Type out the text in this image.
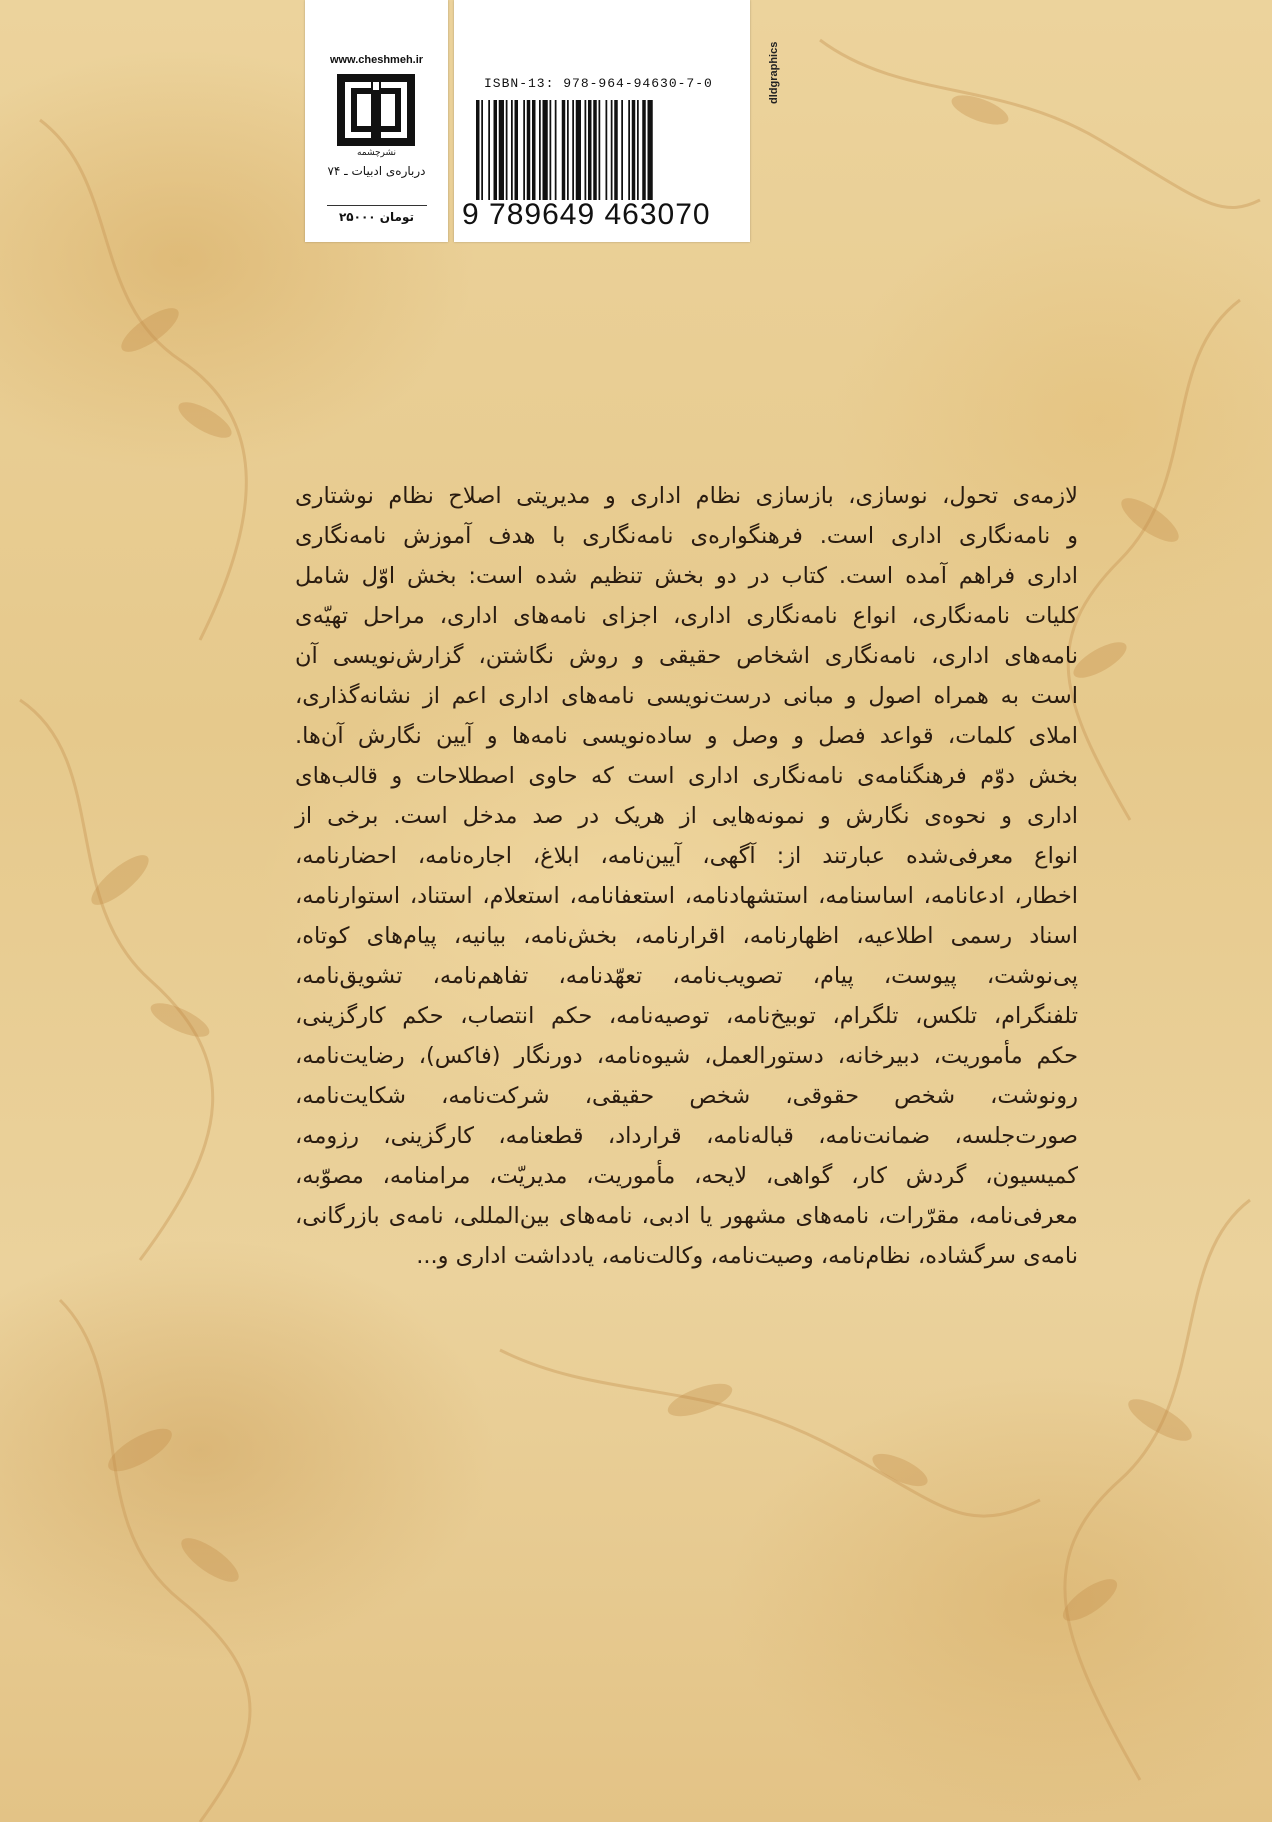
www.cheshmeh.ir
نشرچشمه
درباره‌ی ادبیات ـ ۷۴
۲۵۰۰۰ تومان
ISBN-13: 978-964-94630-7-0
9 789649 463070
dldgraphics
لازمه‌ی تحول، نوسازی، بازسازی نظام اداری و مدیریتی اصلاح نظام نوشتاری
و نامه‌نگاری اداری است. فرهنگواره‌ی نامه‌نگاری با هدف آموزش نامه‌نگاری
اداری فراهم آمده است. کتاب در دو بخش تنظیم شده است: بخش اوّل شامل
کلیات نامه‌نگاری، انواع نامه‌نگاری اداری، اجزای نامه‌های اداری، مراحل تهیّه‌ی
نامه‌های اداری، نامه‌نگاری اشخاص حقیقی و روش نگاشتن، گزارش‌نویسی آن
است به همراه اصول و مبانی درست‌نویسی نامه‌های اداری اعم از نشانه‌گذاری،
املای کلمات، قواعد فصل و وصل و ساده‌نویسی نامه‌ها و آیین نگارش آن‌ها.
بخش دوّم فرهنگنامه‌ی نامه‌نگاری اداری است که حاوی اصطلاحات و قالب‌های
اداری و نحوه‌ی نگارش و نمونه‌هایی از هریک در صد مدخل است. برخی از
انواع معرفی‌شده عبارتند از: آگهی، آیین‌نامه، ابلاغ، اجاره‌نامه، احضارنامه،
اخطار، ادعانامه، اساسنامه، استشهادنامه، استعفانامه، استعلام، استناد، استوارنامه،
اسناد رسمی اطلاعیه، اظهارنامه، اقرارنامه، بخش‌نامه، بیانیه، پیام‌های کوتاه،
پی‌نوشت، پیوست، پیام، تصویب‌نامه، تعهّدنامه، تفاهم‌نامه، تشویق‌نامه،
تلفنگرام، تلکس، تلگرام، توبیخ‌نامه، توصیه‌نامه، حکم انتصاب، حکم کارگزینی،
حکم مأموریت، دبیرخانه، دستورالعمل، شیوه‌نامه، دورنگار (فاکس)، رضایت‌نامه،
رونوشت، شخص حقوقی، شخص حقیقی، شرکت‌نامه، شکایت‌نامه،
صورت‌جلسه، ضمانت‌نامه، قباله‌نامه، قرارداد، قطعنامه، کارگزینی، رزومه،
کمیسیون، گردش کار، گواهی، لایحه، مأموریت، مدیریّت، مرامنامه، مصوّبه،
معرفی‌نامه، مقرّرات، نامه‌های مشهور یا ادبی، نامه‌های بین‌المللی، نامه‌ی بازرگانی،
نامه‌ی سرگشاده، نظام‌نامه، وصیت‌نامه، وکالت‌نامه، یادداشت اداری و...
